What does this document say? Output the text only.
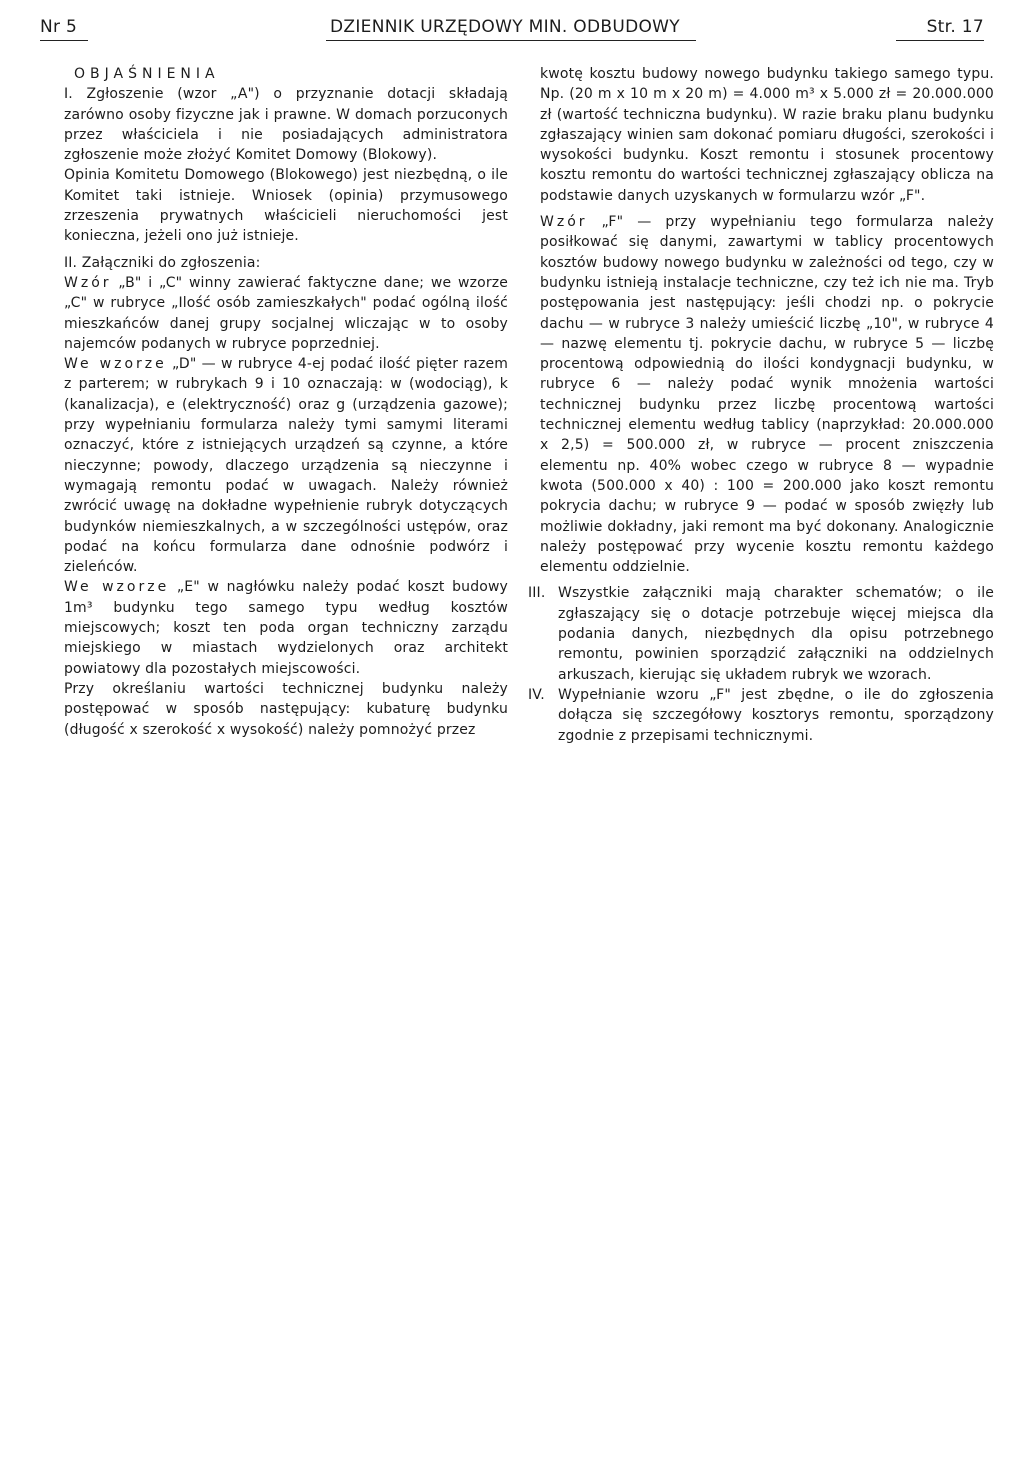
Nr 5	DZIENNIK URZĘDOWY MIN. ODBUDOWY	Str. 17

OBJAŚNIENIA

I. Zgłoszenie (wzor „A") o przyznanie dotacji składają zarówno osoby fizyczne jak i prawne. W domach porzuconych przez właściciela i nie posiadających administratora zgłoszenie może złożyć Komitet Domowy (Blokowy).

Opinia Komitetu Domowego (Blokowego) jest niezbędną, o ile Komitet taki istnieje. Wniosek (opinia) przymusowego zrzeszenia prywatnych właścicieli nieruchomości jest konieczna, jeżeli ono już istnieje.

II. Załączniki do zgłoszenia:

Wzór „B" i „C" winny zawierać faktyczne dane; we wzorze „C" w rubryce „Ilość osób zamieszkałych" podać ogólną ilość mieszkańców danej grupy socjalnej wliczając w to osoby najemców podanych w rubryce poprzedniej.

We wzorze „D" — w rubryce 4-ej podać ilość pięter razem z parterem; w rubrykach 9 i 10 oznaczają: w (wodociąg), k (kanalizacja), e (elektryczność) oraz g (urządzenia gazowe); przy wypełnianiu formularza należy tymi samymi literami oznaczyć, które z istniejących urządzeń są czynne, a które nieczynne; powody, dlaczego urządzenia są nieczynne i wymagają remontu podać w uwagach. Należy również zwrócić uwagę na dokładne wypełnienie rubryk dotyczących budynków niemieszkalnych, a w szczególności ustępów, oraz podać na końcu formularza dane odnośnie podwórz i zieleńców.

We wzorze „E" w nagłówku należy podać koszt budowy 1m³ budynku tego samego typu według kosztów miejscowych; koszt ten poda organ techniczny zarządu miejskiego w miastach wydzielonych oraz architekt powiatowy dla pozostałych miejscowości.

Przy określaniu wartości technicznej budynku należy postępować w sposób następujący: kubaturę budynku (długość x szerokość x wysokość) należy pomnożyć przez

kwotę kosztu budowy nowego budynku takiego samego typu. Np. (20 m x 10 m x 20 m) = 4.000 m³ x 5.000 zł = 20.000.000 zł (wartość techniczna budynku). W razie braku planu budynku zgłaszający winien sam dokonać pomiaru długości, szerokości i wysokości budynku. Koszt remontu i stosunek procentowy kosztu remontu do wartości technicznej zgłaszający oblicza na podstawie danych uzyskanych w formularzu wzór „F".

Wzór „F" — przy wypełnianiu tego formularza należy posiłkować się danymi, zawartymi w tablicy procentowych kosztów budowy nowego budynku w zależności od tego, czy w budynku istnieją instalacje techniczne, czy też ich nie ma. Tryb postępowania jest następujący: jeśli chodzi np. o pokrycie dachu — w rubryce 3 należy umieścić liczbę „10", w rubryce 4 — nazwę elementu tj. pokrycie dachu, w rubryce 5 — liczbę procentową odpowiednią do ilości kondygnacji budynku, w rubryce 6 — należy podać wynik mnożenia wartości technicznej budynku przez liczbę procentową wartości technicznej elementu według tablicy (naprzykład: 20.000.000 x 2,5) = 500.000 zł, w rubryce — procent zniszczenia elementu np. 40% wobec czego w rubryce 8 — wypadnie kwota (500.000 x 40) : 100 = 200.000 jako koszt remontu pokrycia dachu; w rubryce 9 — podać w sposób zwięzły lub możliwie dokładny, jaki remont ma być dokonany. Analogicznie należy postępować przy wycenie kosztu remontu każdego elementu oddzielnie.

III. Wszystkie załączniki mają charakter schematów; o ile zgłaszający się o dotacje potrzebuje więcej miejsca dla podania danych, niezbędnych dla opisu potrzebnego remontu, powinien sporządzić załączniki na oddzielnych arkuszach, kierując się układem rubryk we wzorach.

IV. Wypełnianie wzoru „F" jest zbędne, o ile do zgłoszenia dołącza się szczegółowy kosztorys remontu, sporządzony zgodnie z przepisami technicznymi.
